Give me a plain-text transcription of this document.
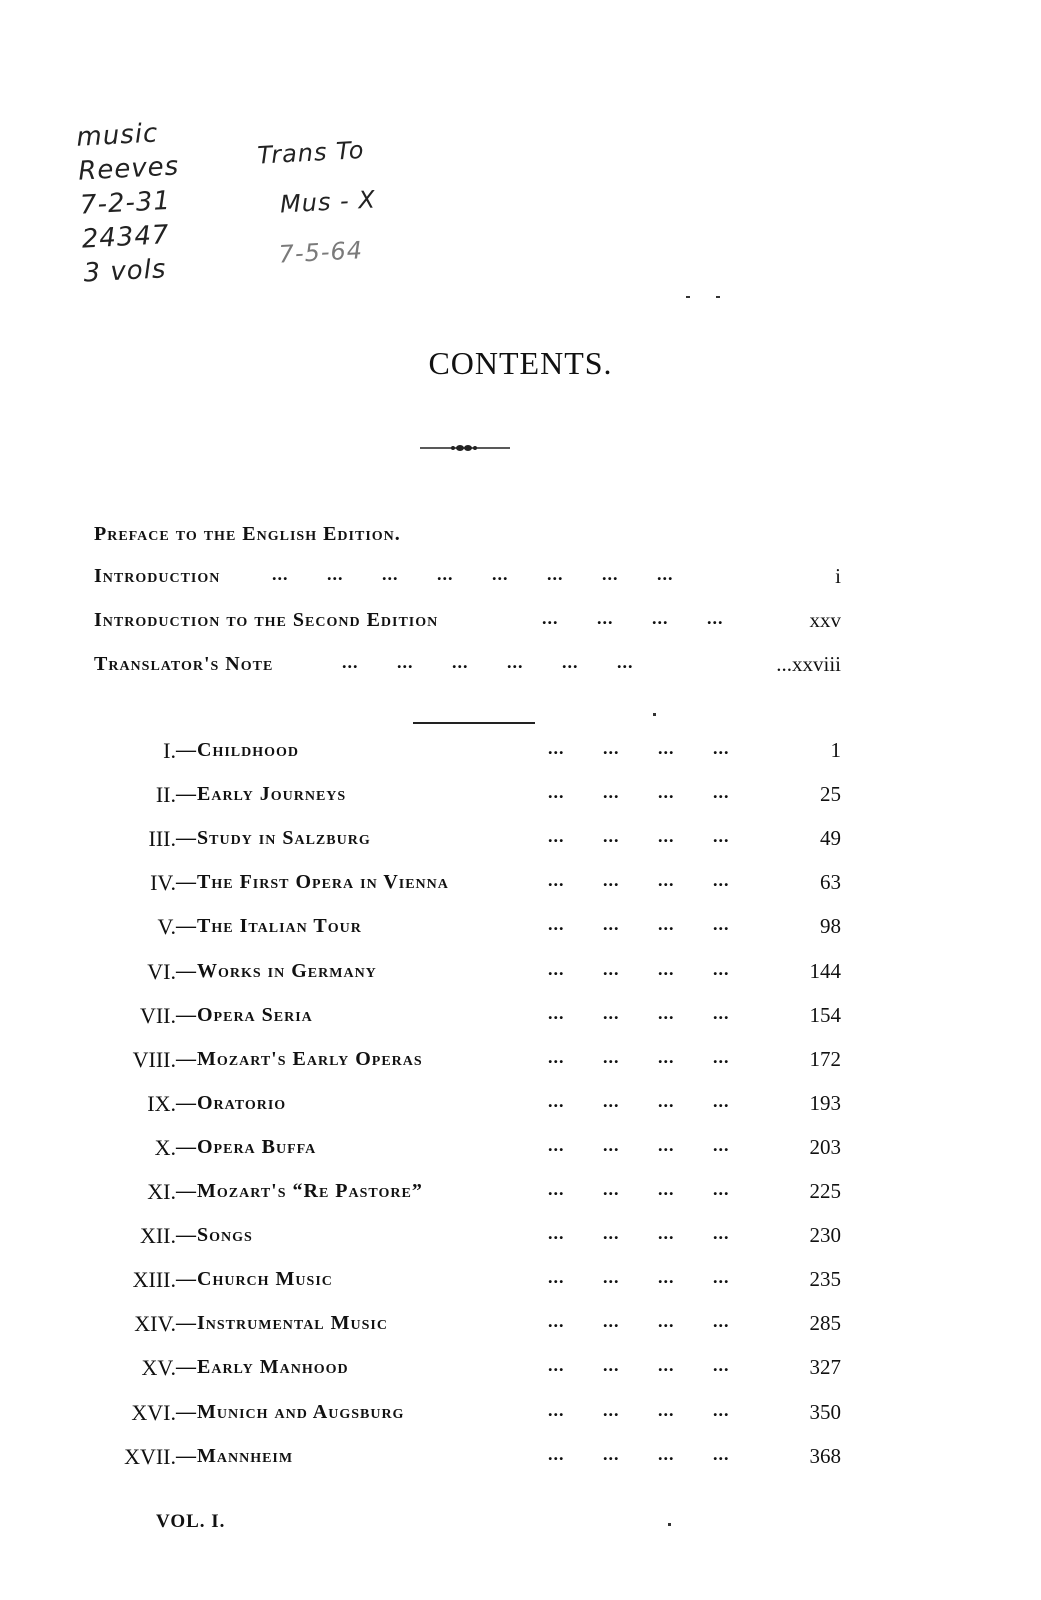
music
Reeves
7-2-31
24347
3 vols
Trans To
Mus - X
7-5-64
CONTENTS.
Preface to the English Edition.
Introduction	...       ...       ...       ...       ...       ...       ...       ...	i
Introduction to the Second Edition	...       ...       ...       ...	xxv
Translator's Note	...       ...       ...       ...       ...       ...	...xxviii
I. —Childhood	...       ...       ...       ...	1
II. —Early Journeys	...       ...       ...       ...	25
III. —Study in Salzburg	...       ...       ...       ...	49
IV. —The First Opera in Vienna	...       ...       ...       ...	63
V. —The Italian Tour	...       ...       ...       ...	98
VI. —Works in Germany	...       ...       ...       ...	144
VII. —Opera Seria	...       ...       ...       ...	154
VIII. —Mozart's Early Operas	...       ...       ...       ...	172
IX. —Oratorio	...       ...       ...       ...	193
X. —Opera Buffa	...       ...       ...       ...	203
XI. —Mozart's “Re Pastore”	...       ...       ...       ...	225
XII. —Songs	...       ...       ...       ...	230
XIII. —Church Music	...       ...       ...       ...	235
XIV. —Instrumental Music	...       ...       ...       ...	285
XV. —Early Manhood	...       ...       ...       ...	327
XVI. —Munich and Augsburg	...       ...       ...       ...	350
XVII. —Mannheim	...       ...       ...       ...	368
VOL. I.
